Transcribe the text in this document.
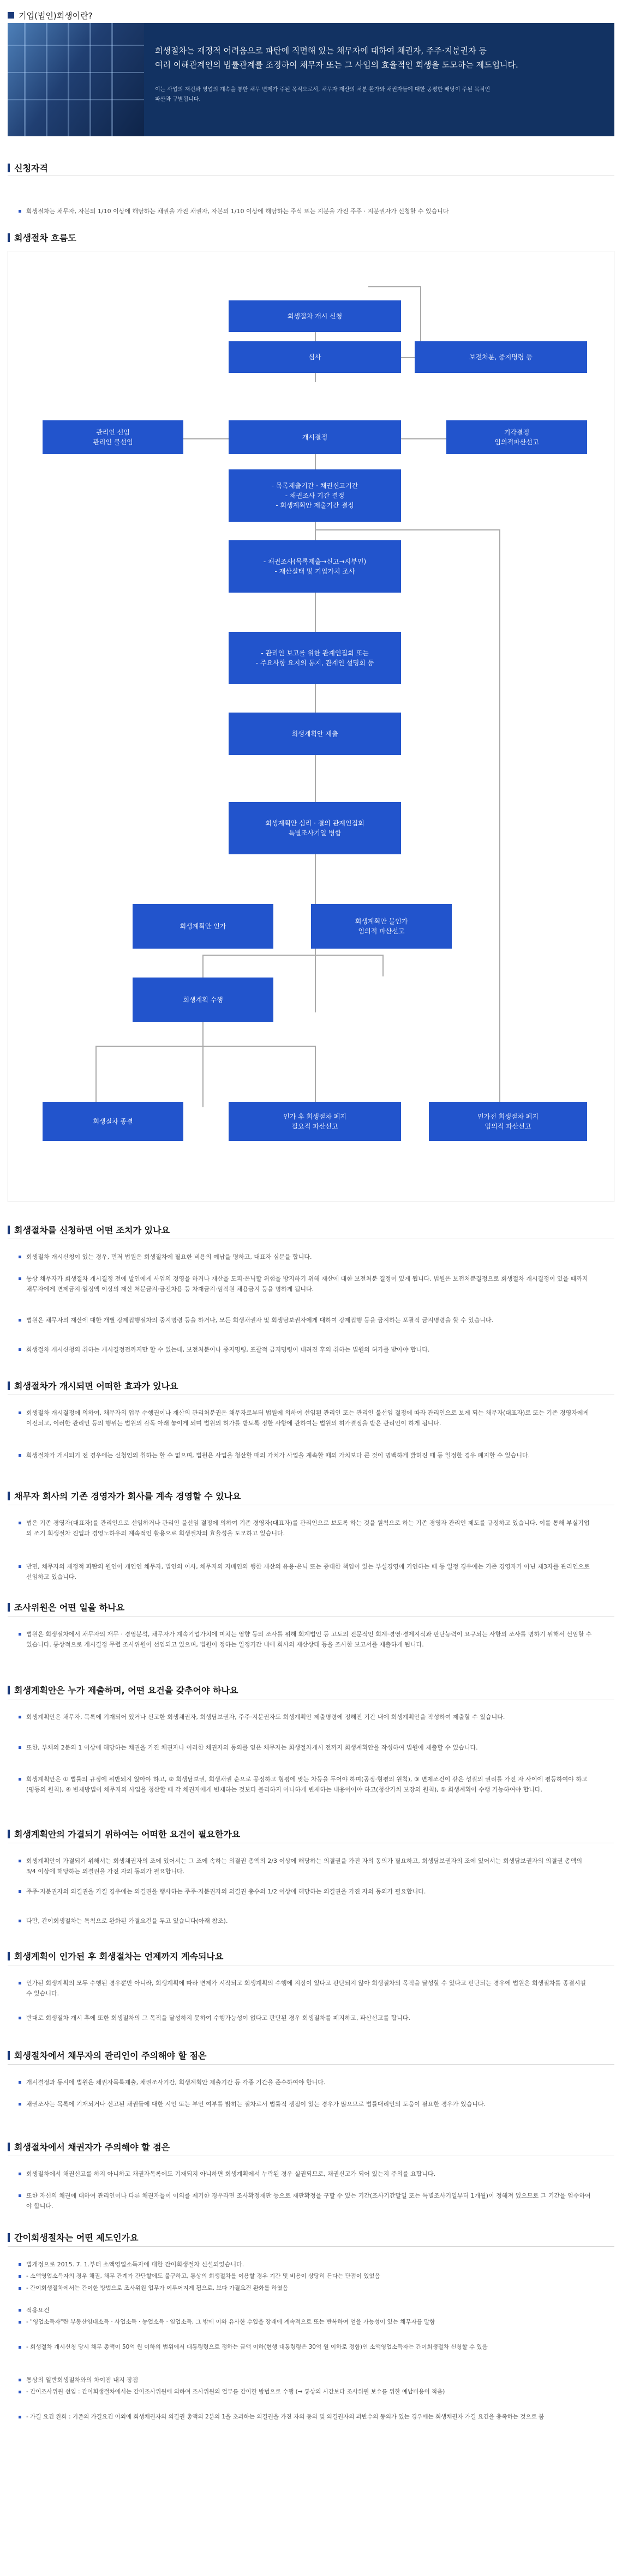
기업(법인)회생이란?
회생절차는 재정적 어려움으로 파탄에 직면해 있는 채무자에 대하여 채권자, 주주·지분권자 등
여러 이해관계인의 법률관계를 조정하여 채무자 또는 그 사업의 효율적인 회생을 도모하는 제도입니다.
이는 사업의 재건과 영업의 계속을 통한 채무 변제가 주된 목적으로서, 채무자 재산의 처분·환가와 채권자들에 대한 공평한 배당이 주된 목적인
파산과 구별됩니다.
신청자격
회생절차는 채무자, 자본의 1/10 이상에 해당하는 채권을 가진 채권자, 자본의 1/10 이상에 해당하는 주식 또는 지분을 가진 주주 · 지분권자가 신청할 수 있습니다
회생절차 흐름도
회생절차 개시 신청
심사	보전처분, 중지명령 등
관리인 선임
관리인 불선임
개시결정
기각결정
임의적파산선고
- 목록제출기간 · 채권신고기간
- 채권조사 기간 결정
- 회생계획안 제출기간 결정
- 채권조사(목록제출→신고→시부인)
- 재산실태 및 기업가치 조사
- 관리인 보고를 위한 관계인집회 또는
- 주요사항 요지의 통지, 관계인 설명회 등
회생계획안 제출
회생계획안 심리 · 결의 관계인집회
특별조사기일 병합
회생계획안 인가
회생계획안 불인가
임의적 파산선고
회생계획 수행
회생절차 종결
인가 후 회생절차 폐지
필요적 파산선고
인가전 회생절차 폐지
임의적 파산선고
회생절차를 신청하면 어떤 조치가 있나요
회생절차 개시신청이 있는 경우, 먼저 법원은 회생절차에 필요한 비용의 예납을 명하고, 대표자 심문을 합니다.
통상 채무자가 회생절차 개시결정 전에 발인에게 사업의 경영을 하거나 재산을 도피·은닉할 위험을 방지하기 위해 재산에 대한 보전처분 결정이 있게 됩니다. 법원은 보전처분결정으로 회생절차 개시결정이 있을 때까지 채무자에게 변제금지·일정액 이상의 재산 처분금지·금전차용 등 차재금지·임직원 채용금지 등을 명하게 됩니다.
법원은 채무자의 재산에 대한 개별 강제집행절차의 중지명령 등을 하거나, 모든 회생채권자 및 회생담보권자에게 대하여 강제집행 등을 금지하는 포괄적 금지명령을 할 수 있습니다.
회생절차 개시신청의 취하는 개시결정전까지만 할 수 있는데, 보전처분이나 중지명령, 포괄적 금지명령이 내려진 후의 취하는 법원의 허가를 받아야 합니다.
회생절차가 개시되면 어떠한 효과가 있나요
회생절차 개시결정에 의하여, 채무자의 업무 수행권이나 재산의 관리처분권은 채무자로부터 법원에 의하여 선임된 관리인 또는 관리인 불선임 결정에 따라 관리인으로 보게 되는 채무자(대표자)로 또는 기존 경영자에게 이전되고, 이러한 관리인 등의 행위는 법원의 감독 아래 놓이게 되며 법원의 허가를 받도록 정한 사항에 관하여는 법원의 허가결정을 받은 관리인이 하게 됩니다.
회생절차가 개시되기 전 경우에는 신청인의 취하는 할 수 없으며, 법원은 사업을 청산할 때의 가치가 사업을 계속할 때의 가치보다 큰 것이 명백하게 밝혀진 때 등 일정한 경우 폐지할 수 있습니다.
채무자 회사의 기존 경영자가 회사를 계속 경영할 수 있나요
법은 기존 경영자(대표자)를 관리인으로 선임하거나 관리인 불선임 결정에 의하여 기존 경영자(대표자)를 관리인으로 보도록 하는 것을 원칙으로 하는 기존 경영자 관리인 제도를 규정하고 있습니다. 이를 통해 부실기업의 조기 회생절차 진입과 경영노하우의 계속적인 활용으로 회생절차의 효율성을 도모하고 있습니다.
반면, 채무자의 재정적 파탄의 원인이 개인인 채무자, 법인의 이사, 채무자의 지배인의 행한 재산의 유용·은닉 또는 중대한 책임이 있는 부실경영에 기인하는 때 등 일정 경우에는 기존 경영자가 아닌 제3자를 관리인으로 선임하고 있습니다.
조사위원은 어떤 일을 하나요
법원은 회생절차에서 채무자의 재무 · 경영분석, 채무자가 계속기업가치에 미치는 영향 등의 조사를 위해 회계법인 등 고도의 전문적인 회계·경영·경제지식과 판단능력이 요구되는 사항의 조사를 명하기 위해서 선임할 수 있습니다. 통상적으로 개시결정 무렵 조사위원이 선임되고 있으며, 법원이 정하는 일정기간 내에 회사의 재산상태 등을 조사한 보고서를 제출하게 됩니다.
회생계획안은 누가 제출하며, 어떤 요건을 갖추어야 하나요
회생계획안은 채무자, 목록에 기재되어 있거나 신고한 회생채권자, 회생담보권자, 주주·지분권자도 회생계획안 제출명령에 정해진 기간 내에 회생계획안을 작성하여 제출할 수 있습니다.
또한, 부채의 2분의 1 이상에 해당하는 채권을 가진 채권자나 이러한 채권자의 동의를 얻은 채무자는 회생절차개시 전까지 회생계획안을 작성하여 법원에 제출할 수 있습니다.
회생계획안은 ① 법률의 규정에 위반되지 않아야 하고, ② 회생담보권, 회생채권 순으로 공정하고 형평에 맞는 차등을 두어야 하며(공정·형평의 원칙), ③ 변제조건이 같은 성질의 권리를 가진 자 사이에 평등하여야 하고(평등의 원칙), ④ 변제방법이 채무자의 사업을 청산할 때 각 채권자에게 변제하는 것보다 불리하지 아니하게 변제하는 내용이어야 하고(청산가치 보장의 원칙), ⑤ 회생계획이 수행 가능하여야 합니다.
회생계획안의 가결되기 위하여는 어떠한 요건이 필요한가요
회생계획안이 가결되기 위해서는 회생채권자의 조에 있어서는 그 조에 속하는 의결권 총액의 2/3 이상에 해당하는 의결권을 가진 자의 동의가 필요하고, 회생담보권자의 조에 있어서는 회생담보권자의 의결권 총액의 3/4 이상에 해당하는 의결권을 가진 자의 동의가 필요합니다.
주주·지분권자의 의결권을 가질 경우에는 의결권을 행사하는 주주·지분권자의 의결권 총수의 1/2 이상에 해당하는 의결권을 가진 자의 동의가 필요합니다.
다만, 간이회생절차는 특칙으로 완화된 가결요건을 두고 있습니다(아래 참조).
회생계획이 인가된 후 회생절차는 언제까지 계속되나요
인가된 회생계획의 모두 수행된 경우뿐만 아니라, 회생계획에 따라 변제가 시작되고 회생계획의 수행에 지장이 있다고 판단되지 않아 회생절차의 목적을 달성할 수 있다고 판단되는 경우에 법원은 회생절차를 종결시킬 수 있습니다.
반대로 회생절차 개시 후에 또한 회생절차의 그 목적을 달성하지 못하여 수행가능성이 없다고 판단된 경우 회생절차를 폐지하고, 파산선고를 합니다.
회생절차에서 채무자의 관리인이 주의해야 할 점은
개시결정과 동시에 법원은 채권자목록제출, 채권조사기간, 회생계획안 제출기간 등 각종 기간을 준수하여야 합니다.
채권조사는 목록에 기재되거나 신고된 채권들에 대한 시인 또는 부인 여부를 밝히는 절차로서 법률적 쟁점이 있는 경우가 많으므로 법률대리인의 도움이 필요한 경우가 있습니다.
회생절차에서 채권자가 주의해야 할 점은
회생절차에서 채권신고를 하지 아니하고 채권자목록에도 기재되지 아니하면 회생계획에서 누락된 경우 실권되므로, 채권신고가 되어 있는지 주의를 요합니다.
또한 자신의 채권에 대하여 관리인이나 다른 채권자들이 이의를 제기한 경우라면 조사확정재판 등으로 재판확정을 구할 수 있는 기간(조사기간말일 또는 특별조사기일부터 1개월)이 정해져 있으므로 그 기간을 엄수하여야 합니다.
간이회생절차는 어떤 제도인가요
법개정으로 2015. 7. 1.부터 소액영업소득자에 대한 간이회생절차 신설되었습니다.
- 소액영업소득자의 경우 채권, 채무 관계가 간단할에도 불구하고, 통상의 회생절차를 이용할 경우 기간 및 비용이 상당히 든다는 단점이 있었음
- 간이회생절차에서는 간이한 방법으로 조사위원 업무가 이루어지게 됨으로, 보다 가결요건 완화를 하였음
적용요건
- "영업소득자"란 부동산임대소득 · 사업소득 · 농업소득 · 임업소득, 그 밖에 이와 유사한 수입을 장래에 계속적으로 또는 반복하여 얻을 가능성이 있는 채무자를 말함
- 회생절차 개시신청 당시 채무 총액이 50억 원 이하의 범위에서 대통령령으로 정하는 금액 이하(현행 대통령령은 30억 원 이하로 정함)인 소액영업소득자는 간이회생절차 신청할 수 있음
통상의 일반회생절차와의 차이점 내지 장점
- 간이조사위원 선임 : 간이회생절차에서는 간이조사위원에 의하여 조사위원의 업무를 간이한 방법으로 수행 (→ 통상의 시간보다 조사위원 보수를 위한 예납비용이 적음)
- 가결 요건 완화 : 기존의 가결요건 이외에 회생채권자의 의결권 총액의 2분의 1을 초과하는 의결권을 가진 자의 동의 및 의결권자의 과반수의 동의가 있는 경우에는 회생채권자 가결 요건을 충족하는 것으로 봄
